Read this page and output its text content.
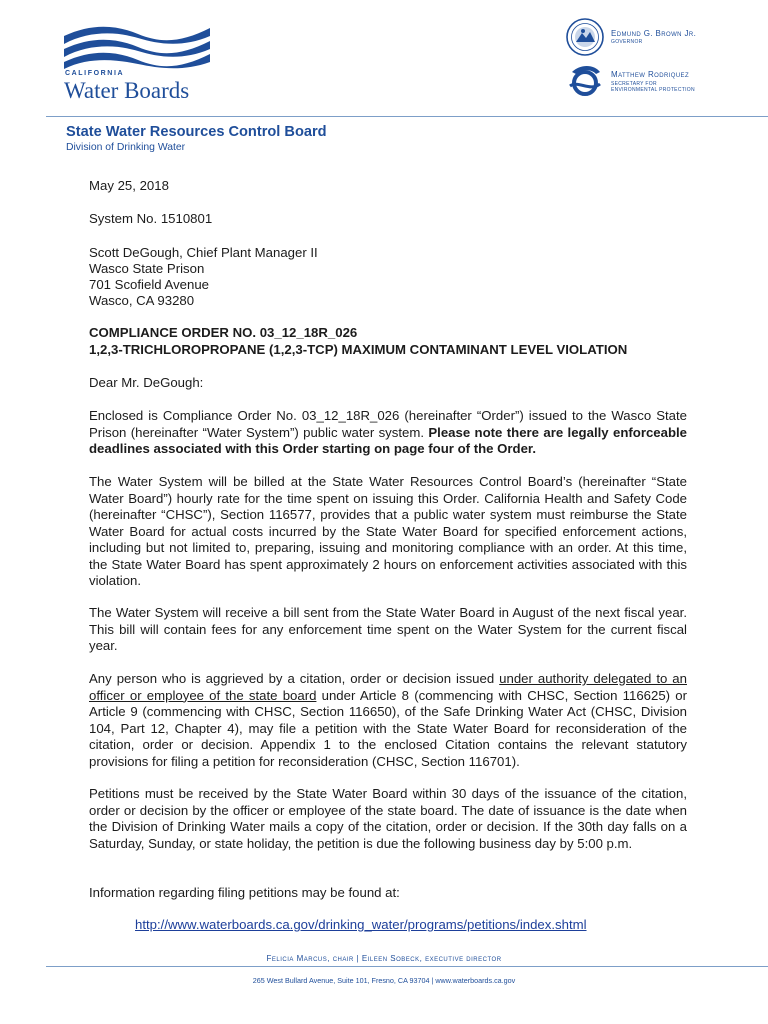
CALIFORNIA
Water Boards
Edmund G. Brown Jr.
GOVERNOR
Matthew Rodriquez
SECRETARY FOR
ENVIRONMENTAL PROTECTION
State Water Resources Control Board
Division of Drinking Water
May 25, 2018
System No. 1510801
Scott DeGough, Chief Plant Manager II
Wasco State Prison
701 Scofield Avenue
Wasco, CA 93280
COMPLIANCE ORDER NO. 03_12_18R_026
1,2,3-TRICHLOROPROPANE (1,2,3-TCP) MAXIMUM CONTAMINANT LEVEL VIOLATION
Dear Mr. DeGough:
Enclosed is Compliance Order No. 03_12_18R_026 (hereinafter “Order”) issued to the Wasco State Prison (hereinafter “Water System”) public water system. Please note there are legally enforceable deadlines associated with this Order starting on page four of the Order.
The Water System will be billed at the State Water Resources Control Board’s (hereinafter “State Water Board”) hourly rate for the time spent on issuing this Order. California Health and Safety Code (hereinafter “CHSC”), Section 116577, provides that a public water system must reimburse the State Water Board for actual costs incurred by the State Water Board for specified enforcement actions, including but not limited to, preparing, issuing and monitoring compliance with an order. At this time, the State Water Board has spent approximately 2 hours on enforcement activities associated with this violation.
The Water System will receive a bill sent from the State Water Board in August of the next fiscal year. This bill will contain fees for any enforcement time spent on the Water System for the current fiscal year.
Any person who is aggrieved by a citation, order or decision issued under authority delegated to an officer or employee of the state board under Article 8 (commencing with CHSC, Section 116625) or Article 9 (commencing with CHSC, Section 116650), of the Safe Drinking Water Act (CHSC, Division 104, Part 12, Chapter 4), may file a petition with the State Water Board for reconsideration of the citation, order or decision. Appendix 1 to the enclosed Citation contains the relevant statutory provisions for filing a petition for reconsideration (CHSC, Section 116701).
Petitions must be received by the State Water Board within 30 days of the issuance of the citation, order or decision by the officer or employee of the state board. The date of issuance is the date when the Division of Drinking Water mails a copy of the citation, order or decision. If the 30th day falls on a Saturday, Sunday, or state holiday, the petition is due the following business day by 5:00 p.m.
Information regarding filing petitions may be found at:
http://www.waterboards.ca.gov/drinking_water/programs/petitions/index.shtml
Felicia Marcus, chair | Eileen Sobeck, executive director
265 West Bullard Avenue, Suite 101, Fresno, CA 93704 | www.waterboards.ca.gov
